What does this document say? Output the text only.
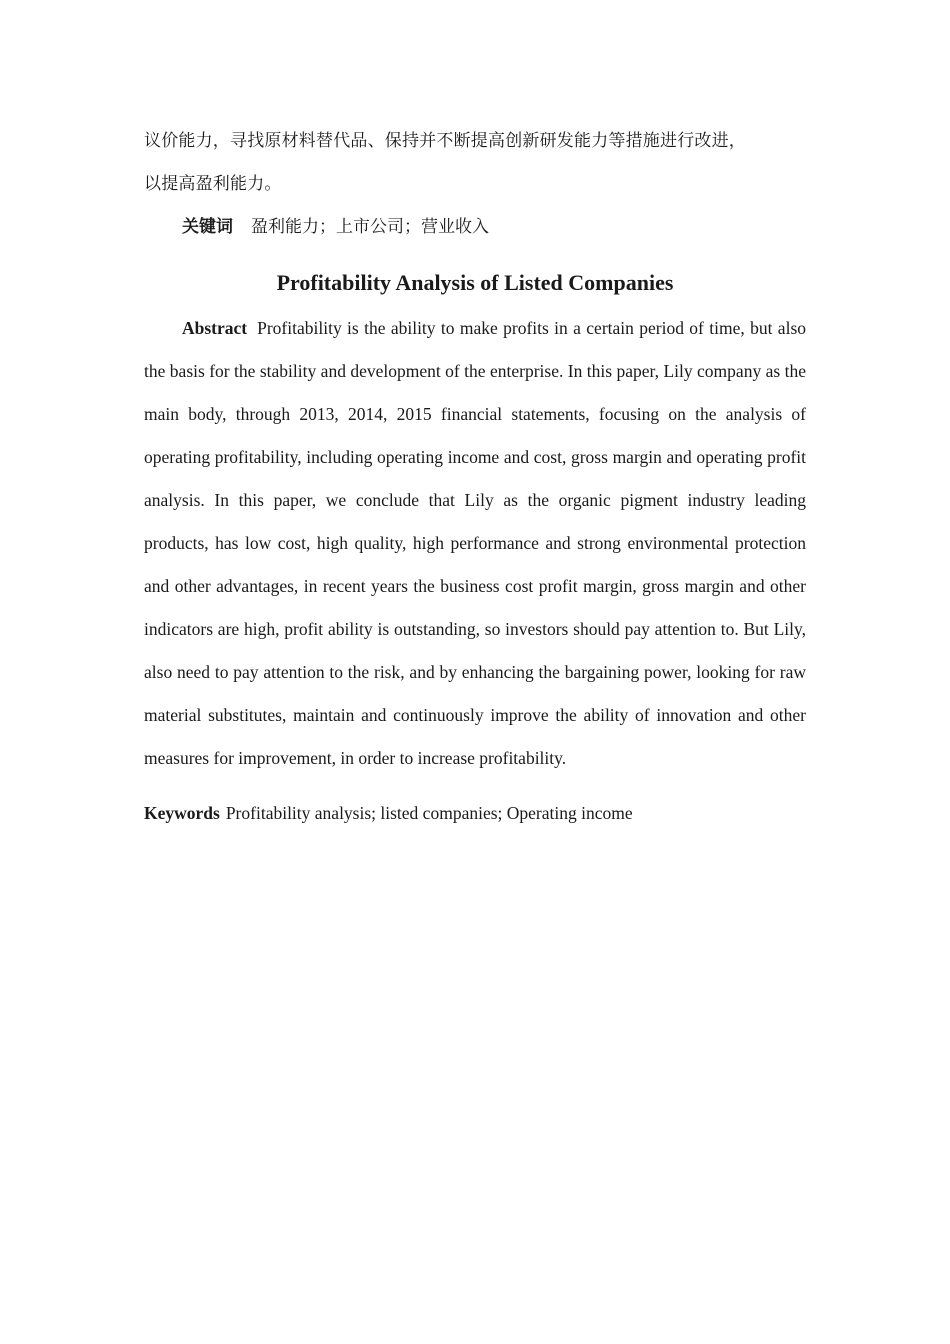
议价能力，寻找原材料替代品、保持并不断提高创新研发能力等措施进行改进，

以提高盈利能力。

关键词 盈利能力；上市公司；营业收入

Profitability Analysis of Listed Companies

Abstract Profitability is the ability to make profits in a certain period of time, but also the basis for the stability and development of the enterprise. In this paper, Lily company as the main body, through 2013, 2014, 2015 financial statements, focusing on the analysis of operating profitability, including operating income and cost, gross margin and operating profit analysis. In this paper, we conclude that Lily as the organic pigment industry leading products, has low cost, high quality, high performance and strong environmental protection and other advantages, in recent years the business cost profit margin, gross margin and other indicators are high, profit ability is outstanding, so investors should pay attention to. But Lily, also need to pay attention to the risk, and by enhancing the bargaining power, looking for raw material substitutes, maintain and continuously improve the ability of innovation and other measures for improvement, in order to increase profitability.

Keywords Profitability analysis; listed companies; Operating income
